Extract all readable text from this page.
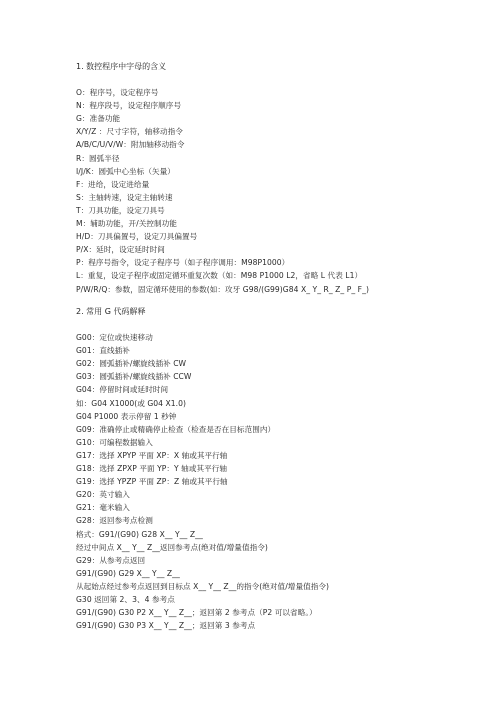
1. 数控程序中字母的含义
O：程序号，设定程序号
N：程序段号，设定程序顺序号
G：准备功能
X/Y/Z ：尺寸字符，轴移动指令
A/B/C/U/V/W：附加轴移动指令
R：圆弧半径
I/J/K：圆弧中心坐标（矢量）
F：进给，设定进给量
S：主轴转速，设定主轴转速
T：刀具功能，设定刀具号
M：辅助功能，开/关控制功能
H/D：刀具偏置号，设定刀具偏置号
P/X：延时，设定延时时间
P：程序号指令，设定子程序号（如子程序调用：M98P1000）
L：重复，设定子程序或固定循环重复次数（如：M98 P1000 L2，省略 L 代表 L1）
P/W/R/Q：参数，固定循环使用的参数(如：攻牙 G98/(G99)G84 X_ Y_ R_ Z_ P_ F_)
2. 常用 G 代码解释
G00：定位或快速移动
G01：直线插补
G02：圆弧插补/螺旋线插补 CW
G03：圆弧插补/螺旋线插补 CCW
G04：停留时间或延时时间
如：G04 X1000(或 G04 X1.0)
G04 P1000 表示停留 1 秒钟
G09：准确停止或精确停止检查（检查是否在目标范围内）
G10：可编程数据输入
G17：选择 XPYP 平面 XP：X 轴或其平行轴
G18：选择 ZPXP 平面 YP：Y 轴或其平行轴
G19：选择 YPZP 平面 ZP：Z 轴或其平行轴
G20：英寸输入
G21：毫米输入
G28：返回参考点检测
格式：G91/(G90) G28 X__ Y__ Z__
经过中间点 X__ Y__ Z__返回参考点(绝对值/增量值指令)
G29：从参考点返回
G91/(G90) G29 X__ Y__ Z__
从起始点经过参考点返回到目标点 X__ Y__ Z__的指令(绝对值/增量值指令)
G30 返回第 2、3、4 参考点
G91/(G90) G30 P2 X__ Y__ Z__；返回第 2 参考点（P2 可以省略。）
G91/(G90) G30 P3 X__ Y__ Z__；返回第 3 参考点
